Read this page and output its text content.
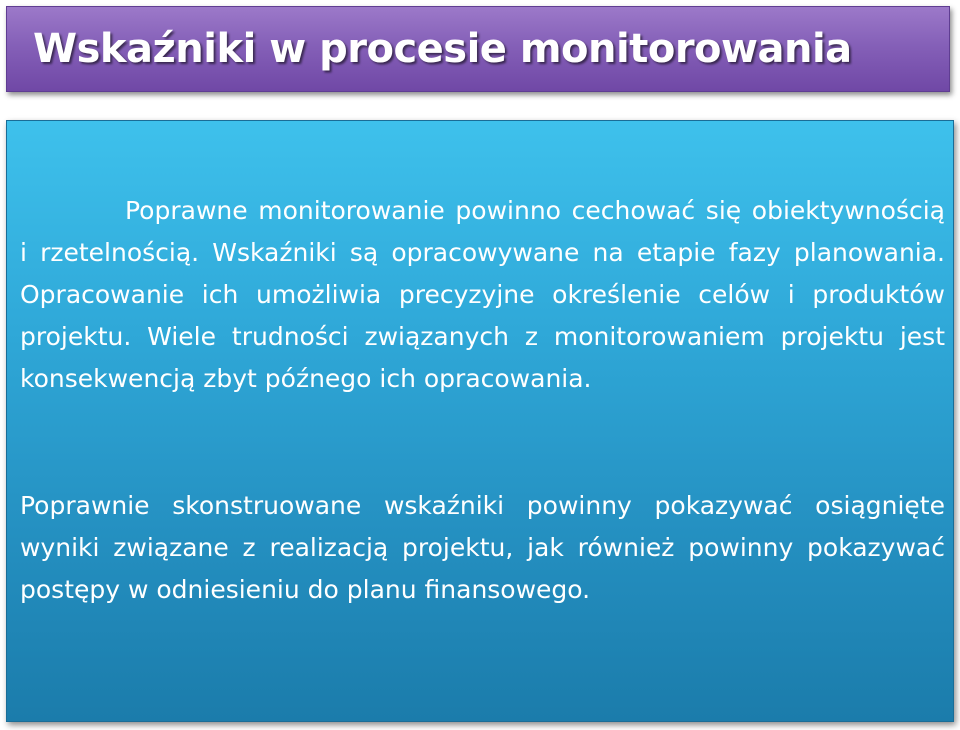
Wskaźniki w procesie monitorowania

Poprawne monitorowanie powinno cechować się obiektywnością i rzetelnością. Wskaźniki są opracowywane na etapie fazy planowania. Opracowanie ich umożliwia precyzyjne określenie celów i produktów projektu. Wiele trudności związanych z monitorowaniem projektu jest konsekwencją zbyt późnego ich opracowania.

Poprawnie skonstruowane wskaźniki powinny pokazywać osiągnięte wyniki związane z realizacją projektu, jak również powinny pokazywać postępy w odniesieniu do planu finansowego.
